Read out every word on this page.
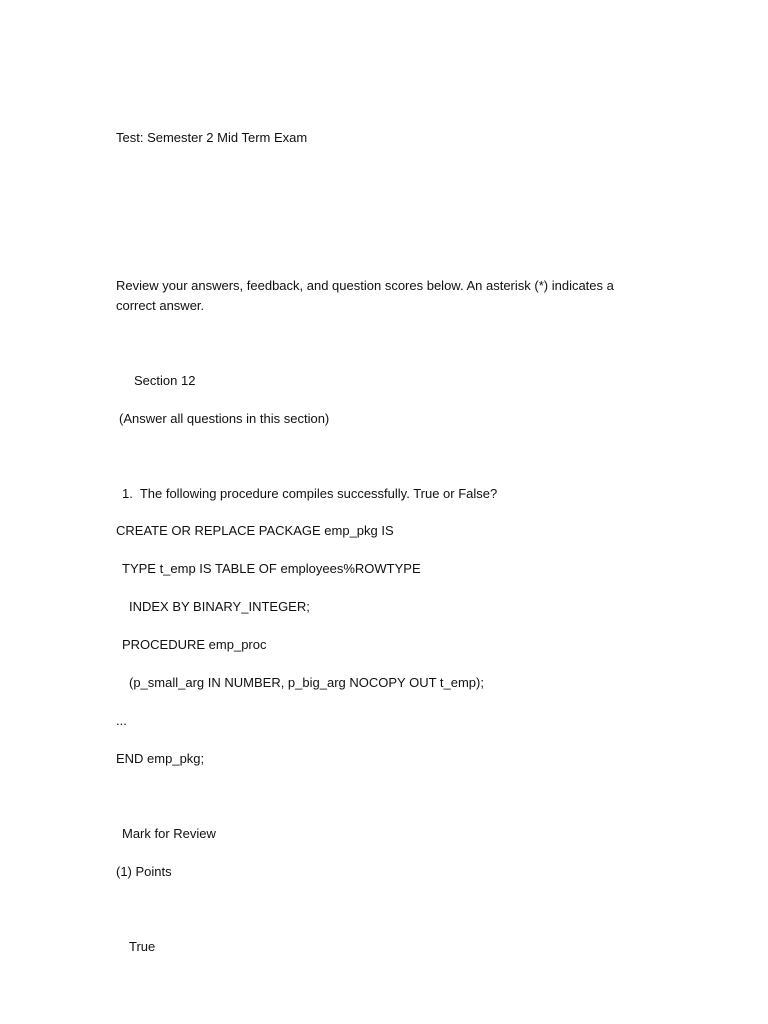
Test: Semester 2 Mid Term Exam
Review your answers, feedback, and question scores below. An asterisk (*) indicates a correct answer.
Section 12
(Answer all questions in this section)
1.  The following procedure compiles successfully. True or False?
CREATE OR REPLACE PACKAGE emp_pkg IS
TYPE t_emp IS TABLE OF employees%ROWTYPE
INDEX BY BINARY_INTEGER;
PROCEDURE emp_proc
(p_small_arg IN NUMBER, p_big_arg NOCOPY OUT t_emp);
...
END emp_pkg;
Mark for Review
(1) Points
True
